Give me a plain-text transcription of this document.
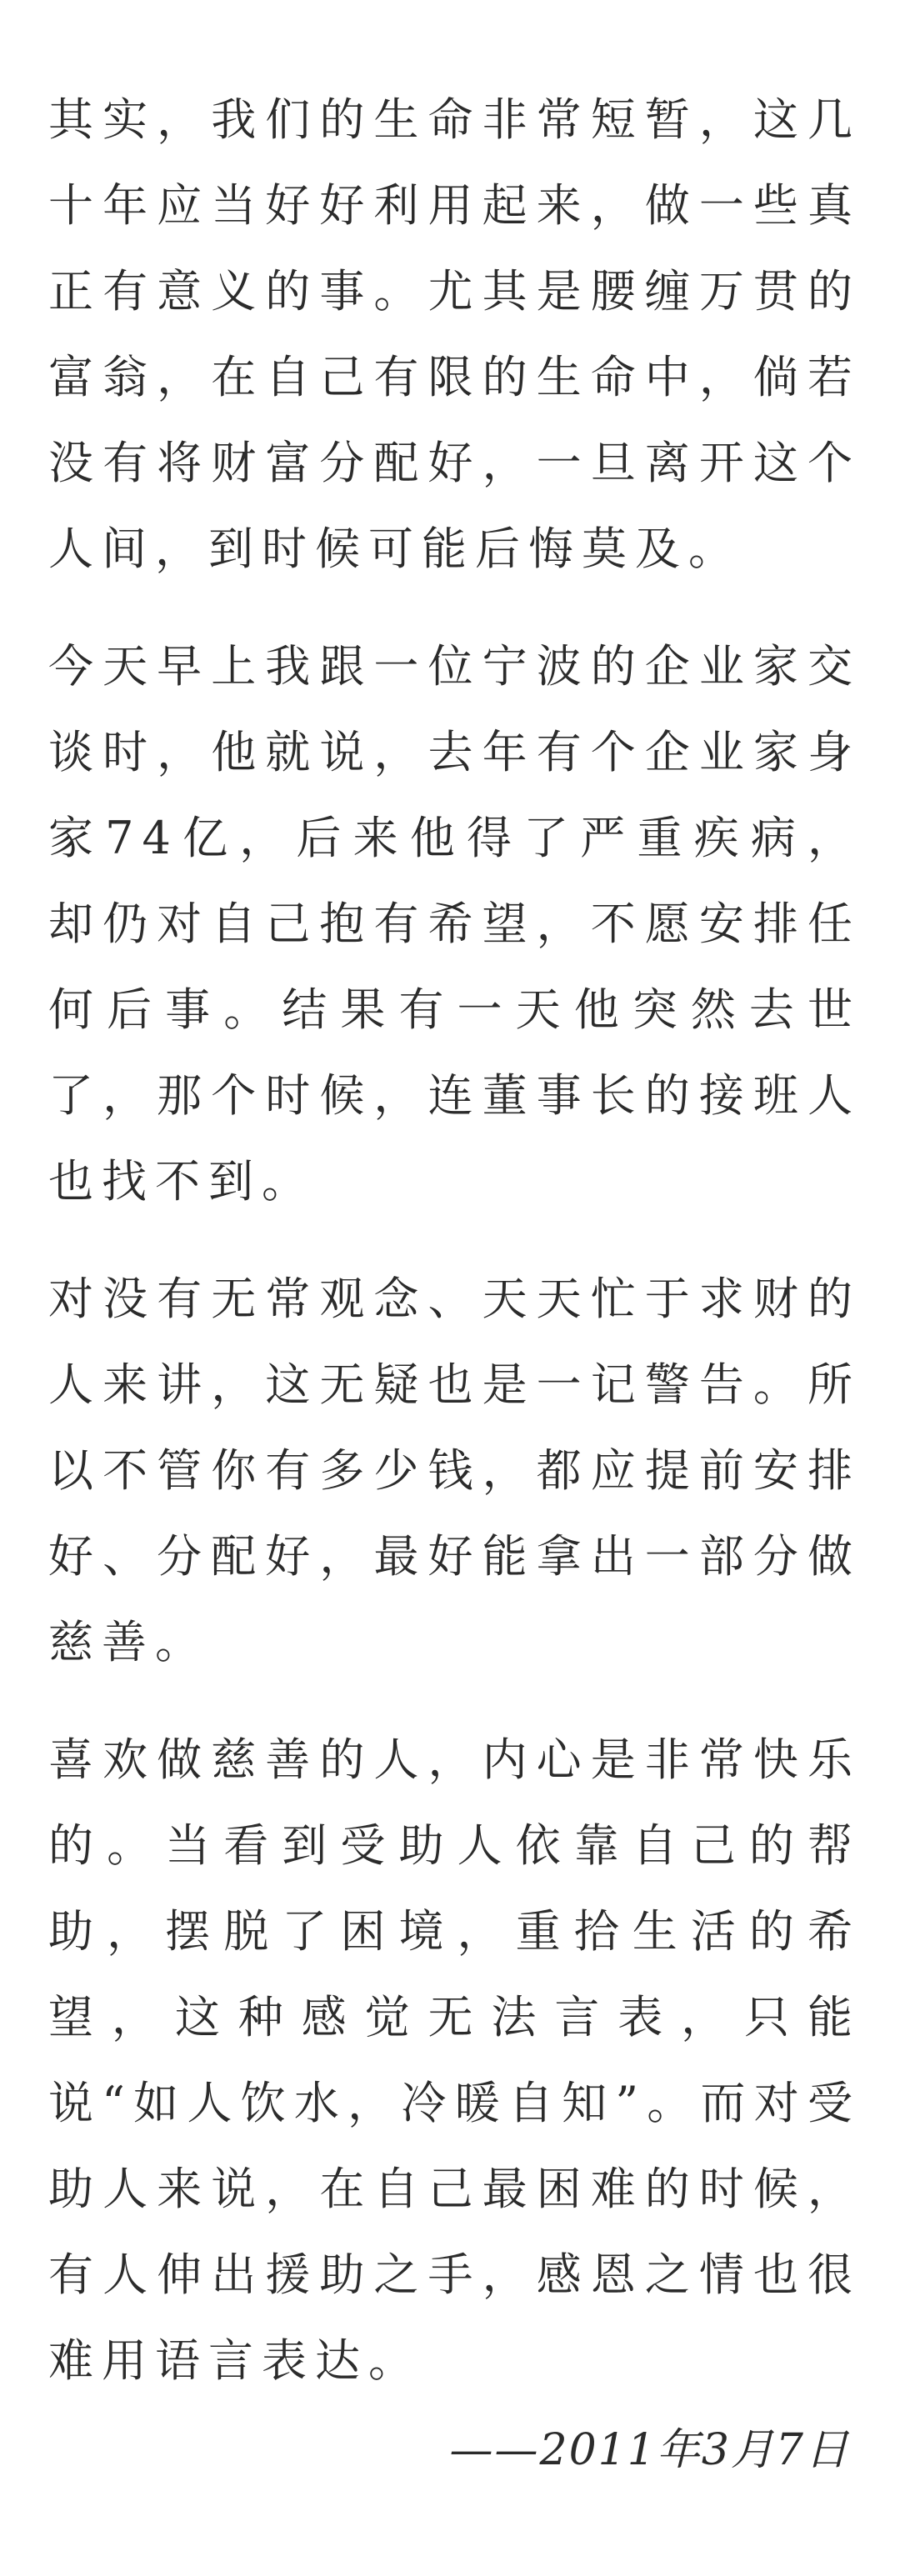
其实，我们的生命非常短暂，这几十年应当好好利用起来，做一些真正有意义的事。尤其是腰缠万贯的富翁，在自己有限的生命中，倘若没有将财富分配好，一旦离开这个人间，到时候可能后悔莫及。

今天早上我跟一位宁波的企业家交谈时，他就说，去年有个企业家身家74亿，后来他得了严重疾病，却仍对自己抱有希望，不愿安排任何后事。结果有一天他突然去世了，那个时候，连董事长的接班人也找不到。

对没有无常观念、天天忙于求财的人来讲，这无疑也是一记警告。所以不管你有多少钱，都应提前安排好、分配好，最好能拿出一部分做慈善。

喜欢做慈善的人，内心是非常快乐的。当看到受助人依靠自己的帮助，摆脱了困境，重拾生活的希望，这种感觉无法言表，只能说“如人饮水，冷暖自知”。而对受助人来说，在自己最困难的时候，有人伸出援助之手，感恩之情也很难用语言表达。

——2011年3月7日
